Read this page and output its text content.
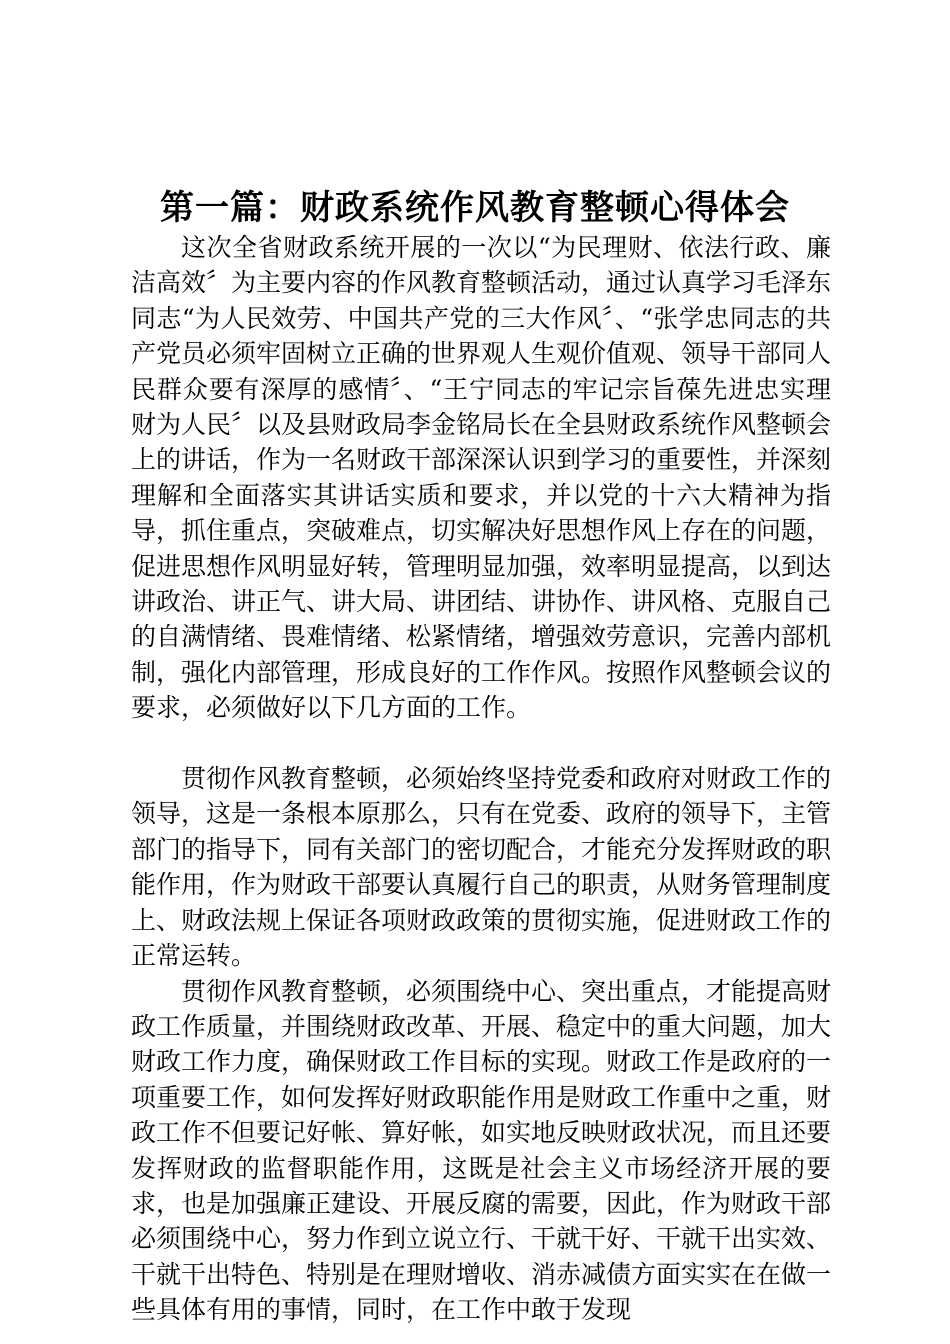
第一篇：财政系统作风教育整顿心得体会

这次全省财政系统开展的一次以“为民理财、依法行政、廉洁高效〞为主要内容的作风教育整顿活动，通过认真学习毛泽东同志“为人民效劳、中国共产党的三大作风〞、“张学忠同志的共产党员必须牢固树立正确的世界观人生观价值观、领导干部同人民群众要有深厚的感情〞、“王宁同志的牢记宗旨葆先进忠实理财为人民〞以及县财政局李金铭局长在全县财政系统作风整顿会上的讲话，作为一名财政干部深深认识到学习的重要性，并深刻理解和全面落实其讲话实质和要求，并以党的十六大精神为指导，抓住重点，突破难点，切实解决好思想作风上存在的问题，促进思想作风明显好转，管理明显加强，效率明显提高，以到达讲政治、讲正气、讲大局、讲团结、讲协作、讲风格、克服自己的自满情绪、畏难情绪、松紧情绪，增强效劳意识，完善内部机制，强化内部管理，形成良好的工作作风。按照作风整顿会议的要求，必须做好以下几方面的工作。

贯彻作风教育整顿，必须始终坚持党委和政府对财政工作的领导，这是一条根本原那么，只有在党委、政府的领导下，主管部门的指导下，同有关部门的密切配合，才能充分发挥财政的职能作用，作为财政干部要认真履行自己的职责，从财务管理制度上、财政法规上保证各项财政政策的贯彻实施，促进财政工作的正常运转。

贯彻作风教育整顿，必须围绕中心、突出重点，才能提高财政工作质量，并围绕财政改革、开展、稳定中的重大问题，加大财政工作力度，确保财政工作目标的实现。财政工作是政府的一项重要工作，如何发挥好财政职能作用是财政工作重中之重，财政工作不但要记好帐、算好帐，如实地反映财政状况，而且还要发挥财政的监督职能作用，这既是社会主义市场经济开展的要求，也是加强廉正建设、开展反腐的需要，因此，作为财政干部必须围绕中心，努力作到立说立行、干就干好、干就干出实效、干就干出特色、特别是在理财增收、消赤减债方面实实在在做一些具体有用的事情，同时，在工作中敢于发现
